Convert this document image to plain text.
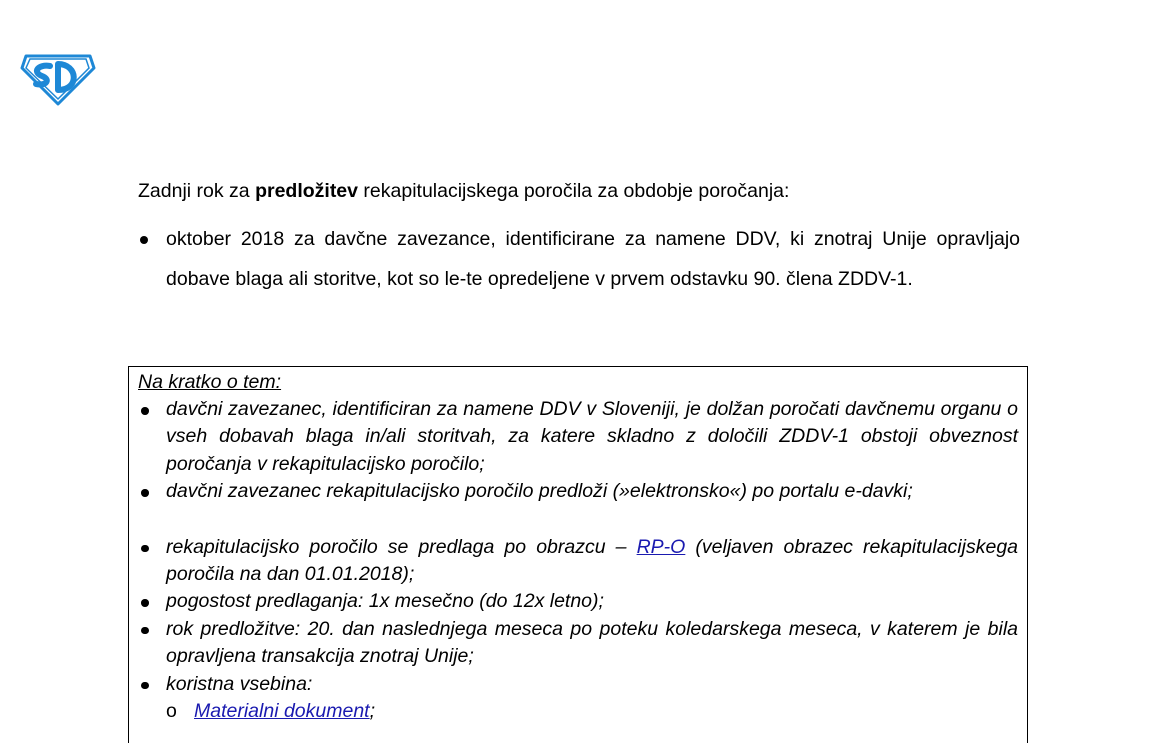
Zadnji rok za predložitev rekapitulacijskega poročila za obdobje poročanja:

oktober 2018 za davčne zavezance, identificirane za namene DDV, ki znotraj Unije opravljajo dobave blaga ali storitve, kot so le-te opredeljene v prvem odstavku 90. člena ZDDV-1.

Na kratko o tem:

davčni zavezanec, identificiran za namene DDV v Sloveniji, je dolžan poročati davčnemu organu o vseh dobavah blaga in/ali storitvah, za katere skladno z določili ZDDV-1 obstoji obveznost poročanja v rekapitulacijsko poročilo;
davčni zavezanec rekapitulacijsko poročilo predloži (»elektronsko«) po portalu e-davki;
rekapitulacijsko poročilo se predlaga po obrazcu – RP-O (veljaven obrazec rekapitulacijskega poročila na dan 01.01.2018);
pogostost predlaganja: 1x mesečno (do 12x letno);
rok predložitve: 20. dan naslednjega meseca po poteku koledarskega meseca, v katerem je bila opravljena transakcija znotraj Unije;
koristna vsebina:
o Materialni dokument;
